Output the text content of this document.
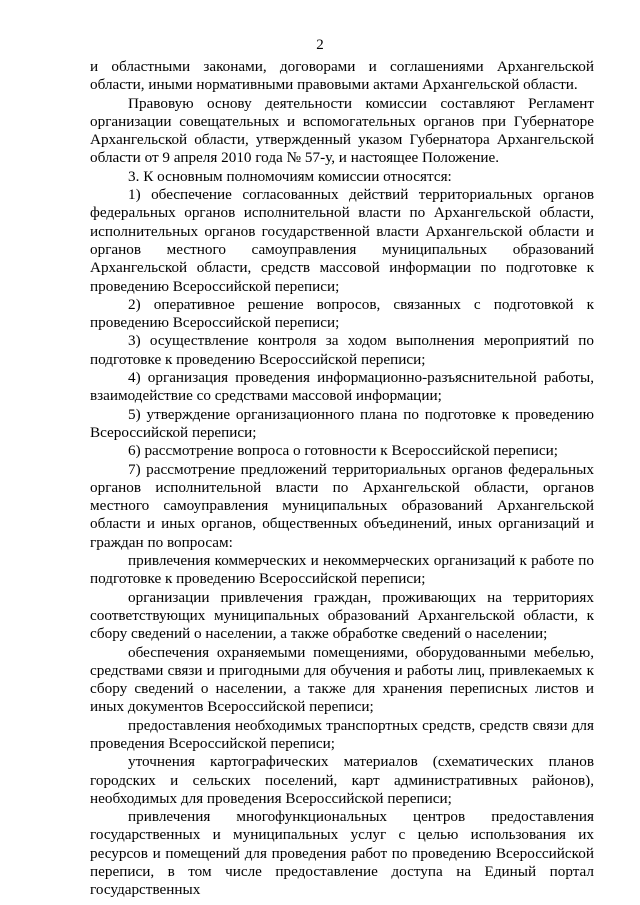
2

и областными законами, договорами и соглашениями Архангельской области, иными нормативными правовыми актами Архангельской области.

Правовую основу деятельности комиссии составляют Регламент организации совещательных и вспомогательных органов при Губернаторе Архангельской области, утвержденный указом Губернатора Архангельской области от 9 апреля 2010 года № 57-у, и настоящее Положение.

3. К основным полномочиям комиссии относятся:

1) обеспечение согласованных действий территориальных органов федеральных органов исполнительной власти по Архангельской области, исполнительных органов государственной власти Архангельской области и органов местного самоуправления муниципальных образований Архангельской области, средств массовой информации по подготовке к проведению Всероссийской переписи;

2) оперативное решение вопросов, связанных с подготовкой к проведению Всероссийской переписи;

3) осуществление контроля за ходом выполнения мероприятий по подготовке к проведению Всероссийской переписи;

4) организация проведения информационно-разъяснительной работы, взаимодействие со средствами массовой информации;

5) утверждение организационного плана по подготовке к проведению Всероссийской переписи;

6) рассмотрение вопроса о готовности к Всероссийской переписи;

7) рассмотрение предложений территориальных органов федеральных органов исполнительной власти по Архангельской области, органов местного самоуправления муниципальных образований Архангельской области и иных органов, общественных объединений, иных организаций и граждан по вопросам:

привлечения коммерческих и некоммерческих организаций к работе по подготовке к проведению Всероссийской переписи;

организации привлечения граждан, проживающих на территориях соответствующих муниципальных образований Архангельской области, к сбору сведений о населении, а также обработке сведений о населении;

обеспечения охраняемыми помещениями, оборудованными мебелью, средствами связи и пригодными для обучения и работы лиц, привлекаемых к сбору сведений о населении, а также для хранения переписных листов и иных документов Всероссийской переписи;

предоставления необходимых транспортных средств, средств связи для проведения Всероссийской переписи;

уточнения картографических материалов (схематических планов городских и сельских поселений, карт административных районов), необходимых для проведения Всероссийской переписи;

привлечения многофункциональных центров предоставления государственных и муниципальных услуг с целью использования их ресурсов и помещений для проведения работ по проведению Всероссийской переписи, в том числе предоставление доступа на Единый портал государственных
